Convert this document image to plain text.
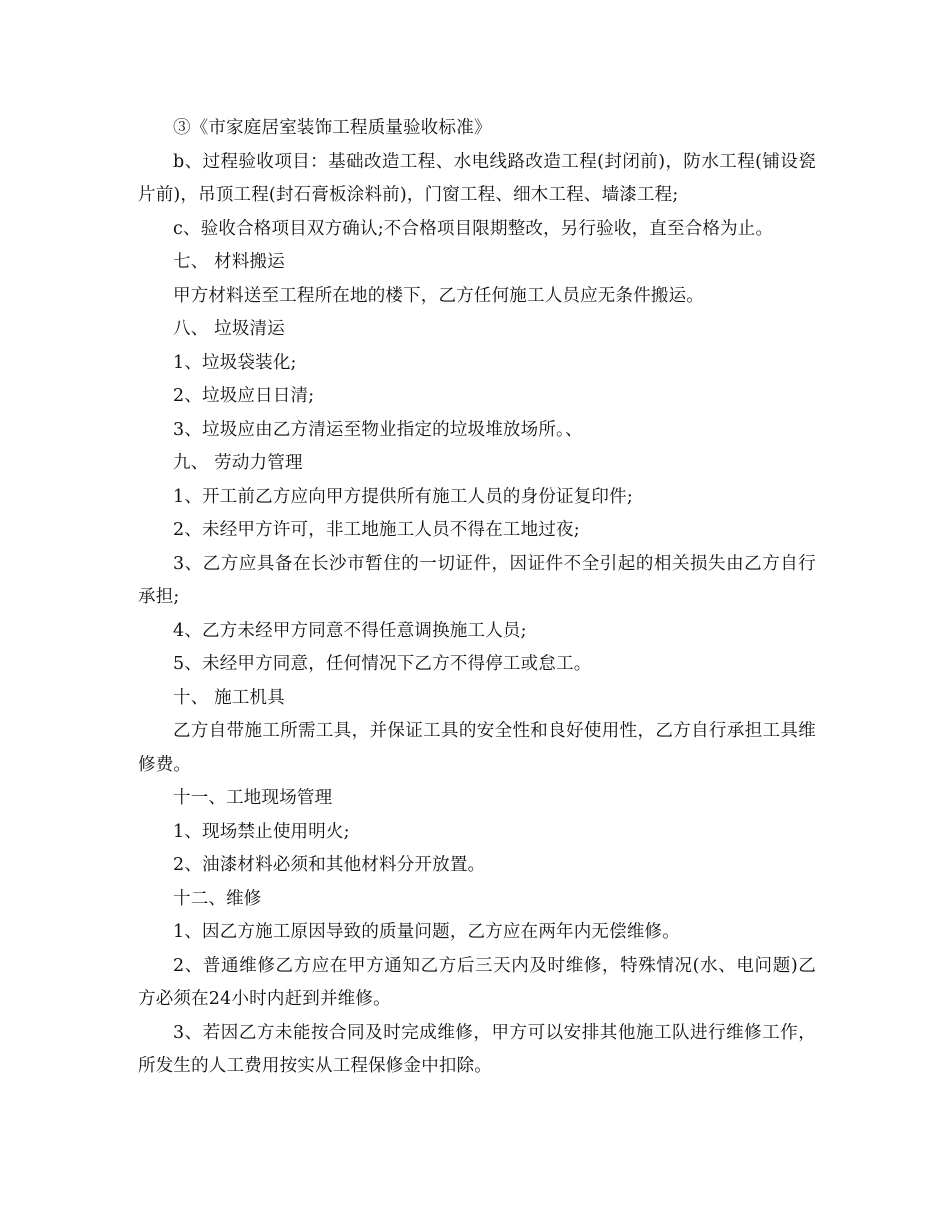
③《市家庭居室装饰工程质量验收标准》

b、过程验收项目：基础改造工程、水电线路改造工程(封闭前)，防水工程(铺设瓷片前)，吊顶工程(封石膏板涂料前)，门窗工程、细木工程、墙漆工程;

c、验收合格项目双方确认;不合格项目限期整改，另行验收，直至合格为止。

七、 材料搬运

甲方材料送至工程所在地的楼下，乙方任何施工人员应无条件搬运。

八、 垃圾清运

1、垃圾袋装化;

2、垃圾应日日清;

3、垃圾应由乙方清运至物业指定的垃圾堆放场所。、

九、 劳动力管理

1、开工前乙方应向甲方提供所有施工人员的身份证复印件;

2、未经甲方许可，非工地施工人员不得在工地过夜;

3、乙方应具备在长沙市暂住的一切证件，因证件不全引起的相关损失由乙方自行承担;

4、乙方未经甲方同意不得任意调换施工人员;

5、未经甲方同意，任何情况下乙方不得停工或怠工。

十、 施工机具

乙方自带施工所需工具，并保证工具的安全性和良好使用性，乙方自行承担工具维修费。

十一、工地现场管理

1、现场禁止使用明火;

2、油漆材料必须和其他材料分开放置。

十二、维修

1、因乙方施工原因导致的质量问题，乙方应在两年内无偿维修。

2、普通维修乙方应在甲方通知乙方后三天内及时维修，特殊情况(水、电问题)乙方必须在24小时内赶到并维修。

3、若因乙方未能按合同及时完成维修，甲方可以安排其他施工队进行维修工作，所发生的人工费用按实从工程保修金中扣除。
